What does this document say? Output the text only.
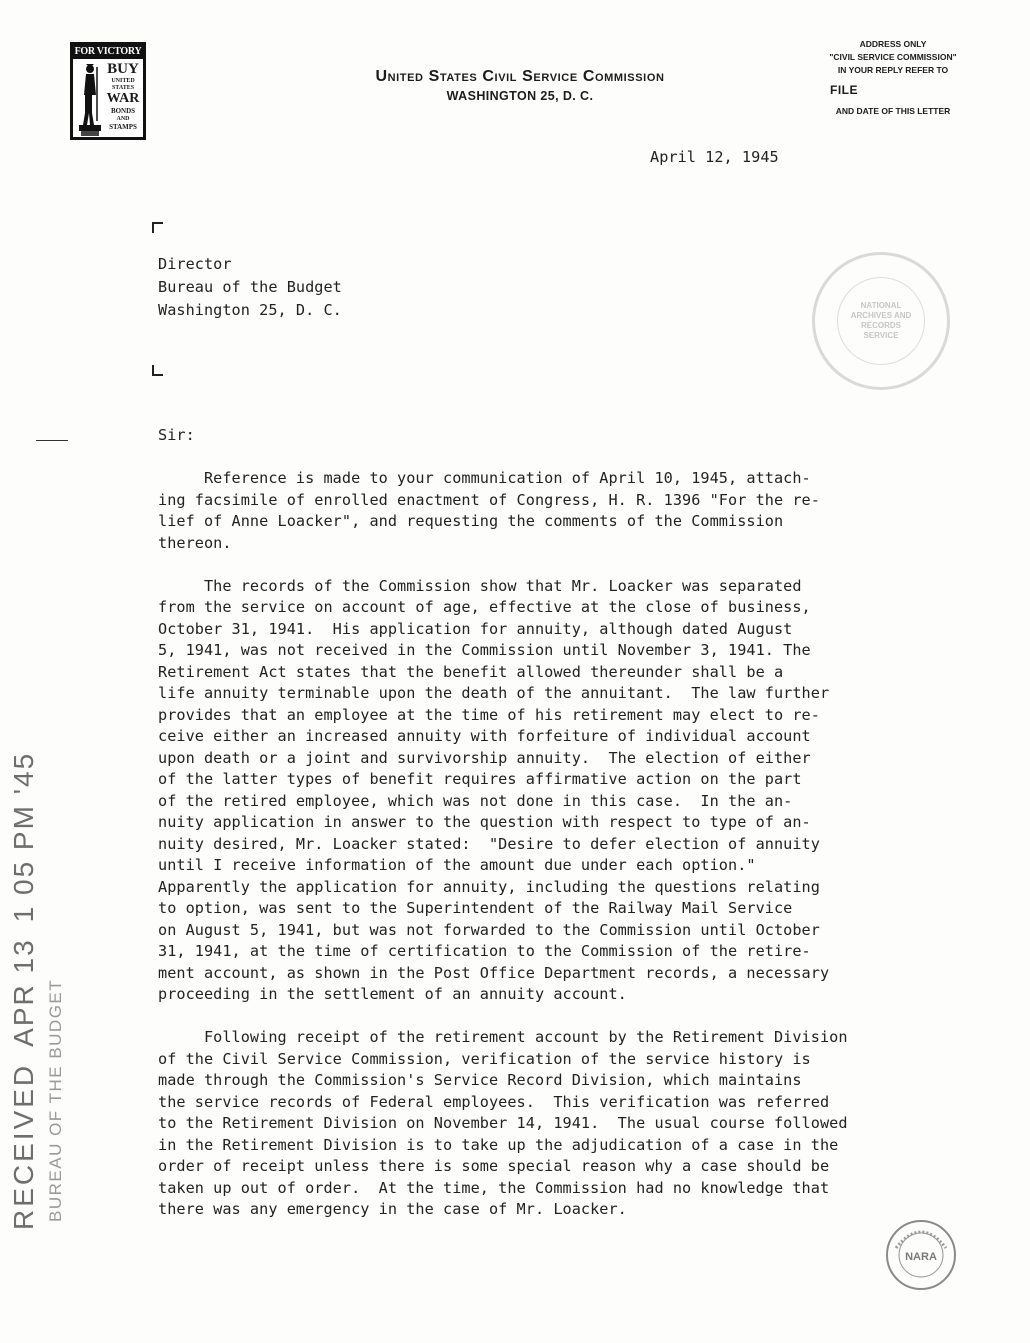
FOR VICTORY
BUY
UNITED
STATES
WAR
BONDS
AND
STAMPS
United States Civil Service Commission
WASHINGTON 25, D. C.
ADDRESS ONLY
"CIVIL SERVICE COMMISSION"
IN YOUR REPLY REFER TO
FILE
AND DATE OF THIS LETTER
April 12, 1945
Director
Bureau of the Budget
Washington 25, D. C.	NATIONAL
ARCHIVES AND
RECORDS
SERVICE
Sir:
Reference is made to your communication of April 10, 1945, attach-
ing facsimile of enrolled enactment of Congress, H. R. 1396 "For the re-
lief of Anne Loacker", and requesting the comments of the Commission
thereon.
The records of the Commission show that Mr. Loacker was separated
from the service on account of age, effective at the close of business,
October 31, 1941.  His application for annuity, although dated August
5, 1941, was not received in the Commission until November 3, 1941. The
Retirement Act states that the benefit allowed thereunder shall be a
life annuity terminable upon the death of the annuitant.  The law further
provides that an employee at the time of his retirement may elect to re-
ceive either an increased annuity with forfeiture of individual account
upon death or a joint and survivorship annuity.  The election of either
of the latter types of benefit requires affirmative action on the part
of the retired employee, which was not done in this case.  In the an-
nuity application in answer to the question with respect to type of an-
nuity desired, Mr. Loacker stated:  "Desire to defer election of annuity
until I receive information of the amount due under each option."
Apparently the application for annuity, including the questions relating
to option, was sent to the Superintendent of the Railway Mail Service
on August 5, 1941, but was not forwarded to the Commission until October
31, 1941, at the time of certification to the Commission of the retire-
ment account, as shown in the Post Office Department records, a necessary
proceeding in the settlement of an annuity account.
Following receipt of the retirement account by the Retirement Division
of the Civil Service Commission, verification of the service history is
made through the Commission's Service Record Division, which maintains
the service records of Federal employees.  This verification was referred
to the Retirement Division on November 14, 1941.  The usual course followed
in the Retirement Division is to take up the adjudication of a case in the
order of receipt unless there is some special reason why a case should be
taken up out of order.  At the time, the Commission had no knowledge that
there was any emergency in the case of Mr. Loacker.
RECEIVED
APR 13
1 05 PM '45
BUREAU OF THE BUDGET
NARA
